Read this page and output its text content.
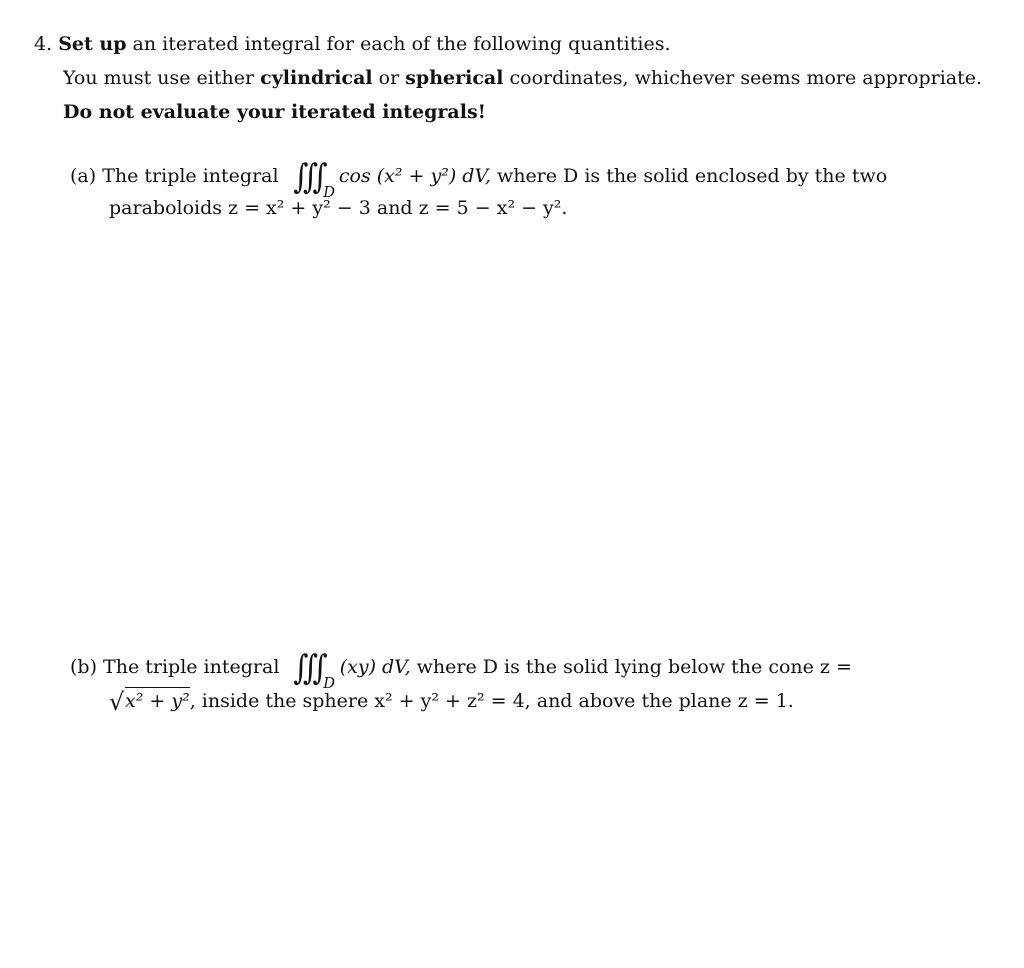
4. Set up an iterated integral for each of the following quantities.
You must use either cylindrical or spherical coordinates, whichever seems more appropriate.
Do not evaluate your iterated integrals!
(a) The triple integral ∭ D
cos (x² + y²) dV, where D is the solid enclosed by the two
paraboloids z = x² + y² − 3 and z = 5 − x² − y².
(b) The triple integral ∭ D
(xy) dV, where D is the solid lying below the cone z =
√ x² + y², inside the sphere x² + y² + z² = 4, and above the plane z = 1.
